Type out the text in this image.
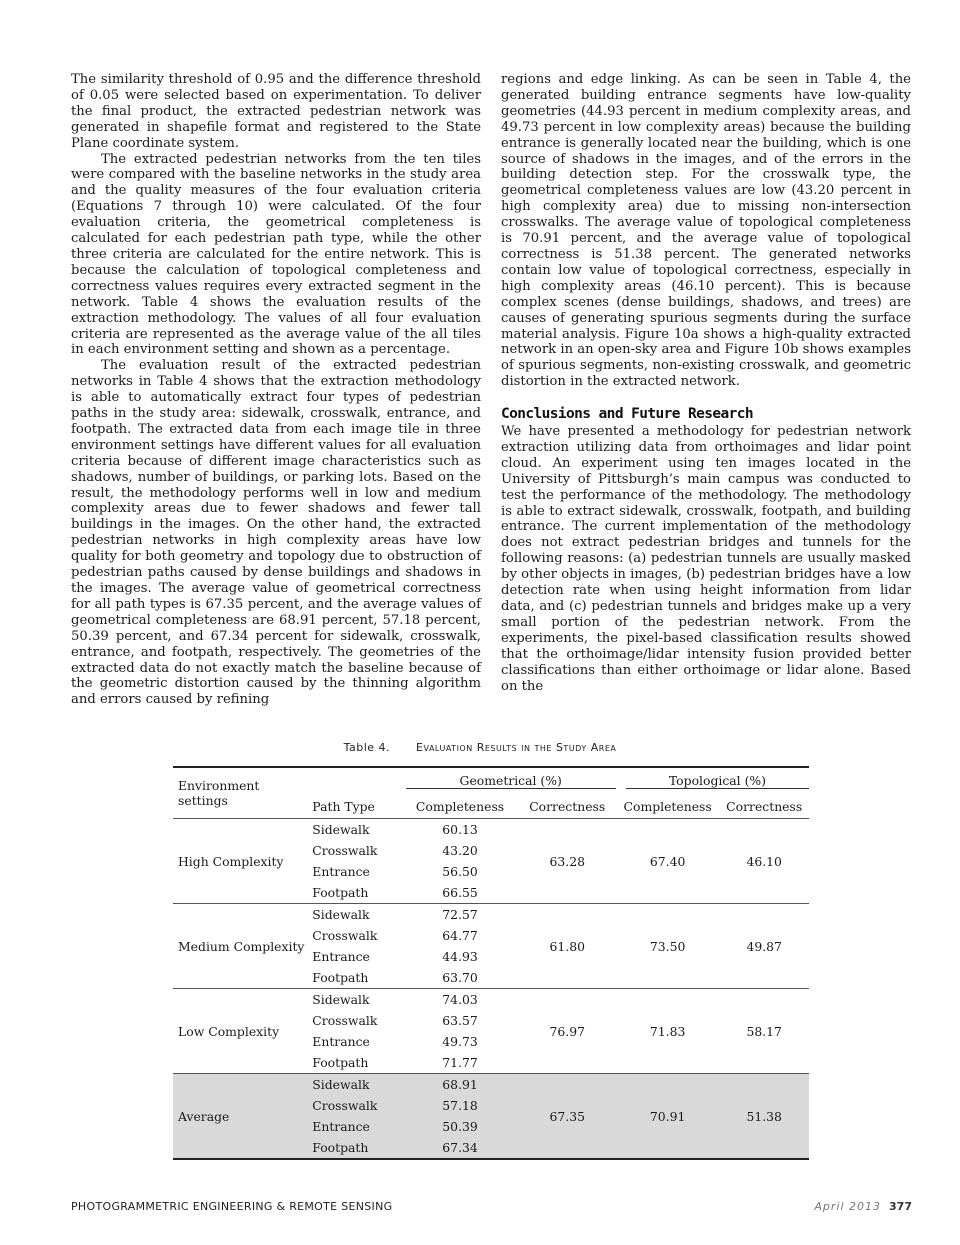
The similarity threshold of 0.95 and the difference threshold of 0.05 were selected based on experimentation. To deliver the final product, the extracted pedestrian network was generated in shapefile format and registered to the State Plane coordinate system.

The extracted pedestrian networks from the ten tiles were compared with the baseline networks in the study area and the quality measures of the four evaluation criteria (Equations 7 through 10) were calculated. Of the four evaluation criteria, the geometrical completeness is calculated for each pedestrian path type, while the other three criteria are calculated for the entire network. This is because the calculation of topological completeness and correctness values requires every extracted segment in the network. Table 4 shows the evaluation results of the extraction methodology. The values of all four evaluation criteria are represented as the average value of the all tiles in each environment setting and shown as a percentage.

The evaluation result of the extracted pedestrian networks in Table 4 shows that the extraction methodology is able to automatically extract four types of pedestrian paths in the study area: sidewalk, crosswalk, entrance, and footpath. The extracted data from each image tile in three environment settings have different values for all evaluation criteria because of different image characteristics such as shadows, number of buildings, or parking lots. Based on the result, the methodology performs well in low and medium complexity areas due to fewer shadows and fewer tall buildings in the images. On the other hand, the extracted pedestrian networks in high complexity areas have low quality for both geometry and topology due to obstruction of pedestrian paths caused by dense buildings and shadows in the images. The average value of geometrical correctness for all path types is 67.35 percent, and the average values of geometrical completeness are 68.91 percent, 57.18 percent, 50.39 percent, and 67.34 percent for sidewalk, crosswalk, entrance, and footpath, respectively. The geometries of the extracted data do not exactly match the baseline because of the geometric distortion caused by the thinning algorithm and errors caused by refining

regions and edge linking. As can be seen in Table 4, the generated building entrance segments have low-quality geometries (44.93 percent in medium complexity areas, and 49.73 percent in low complexity areas) because the building entrance is generally located near the building, which is one source of shadows in the images, and of the errors in the building detection step. For the crosswalk type, the geometrical completeness values are low (43.20 percent in high complexity area) due to missing non-intersection crosswalks. The average value of topological completeness is 70.91 percent, and the average value of topological correctness is 51.38 percent. The generated networks contain low value of topological correctness, especially in high complexity areas (46.10 percent). This is because complex scenes (dense buildings, shadows, and trees) are causes of generating spurious segments during the surface material analysis. Figure 10a shows a high-quality extracted network in an open-sky area and Figure 10b shows examples of spurious segments, non-existing crosswalk, and geometric distortion in the extracted network.

Conclusions and Future Research

We have presented a methodology for pedestrian network extraction utilizing data from orthoimages and lidar point cloud. An experiment using ten images located in the University of Pittsburgh’s main campus was conducted to test the performance of the methodology. The methodology is able to extract sidewalk, crosswalk, footpath, and building entrance. The current implementation of the methodology does not extract pedestrian bridges and tunnels for the following reasons: (a) pedestrian tunnels are usually masked by other objects in images, (b) pedestrian bridges have a low detection rate when using height information from lidar data, and (c) pedestrian tunnels and bridges make up a very small portion of the pedestrian network. From the experiments, the pixel-based classification results showed that the orthoimage/lidar intensity fusion provided better classifications than either orthoimage or lidar alone. Based on the

Table 4. Evaluation Results in the Study Area
Environment settings		Geometrical (%)		Topological (%)	

	Path Type	Completeness	Correctness	Completeness	Correctness
High Complexity	Sidewalk	60.13	63.28	67.40	46.10
	Crosswalk	43.20			
	Entrance	56.50			
	Footpath	66.55			
Medium Complexity	Sidewalk	72.57	61.80	73.50	49.87
	Crosswalk	64.77			
	Entrance	44.93			
	Footpath	63.70			
Low Complexity	Sidewalk	74.03	76.97	71.83	58.17
	Crosswalk	63.57			
	Entrance	49.73			
	Footpath	71.77			
Average	Sidewalk	68.91	67.35	70.91	51.38
	Crosswalk	57.18			
	Entrance	50.39			
	Footpath	67.34			
PHOTOGRAMMETRIC ENGINEERING & REMOTE SENSING	April 2013 377
